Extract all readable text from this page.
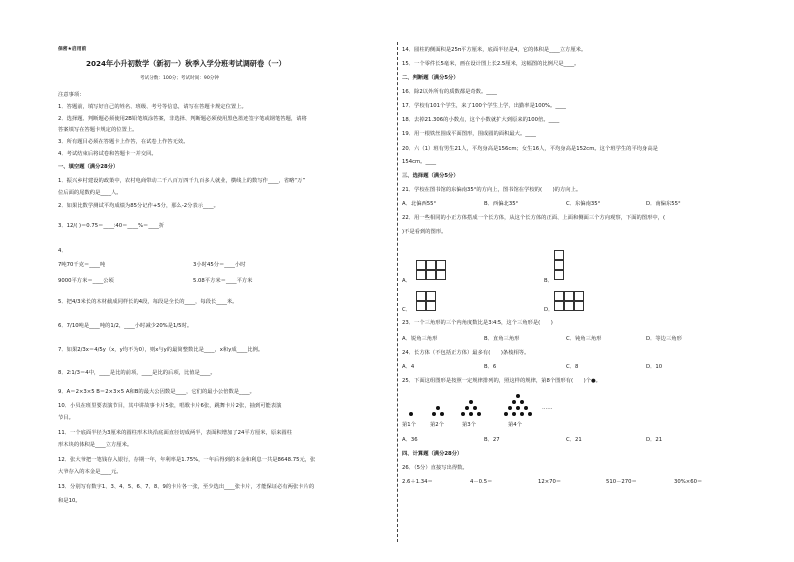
保密★启用前
2024年小升初数学（新初一）秋季入学分班考试调研卷（一）
考试分数：100分；考试时间：90分钟
注意事项：
1．答题前，填写好自己的姓名、班级、考号等信息，请写在答题卡规定位置上。
2．选择题、判断题必须使用2B铅笔填涂答案，非选择、判断题必须使用黑色墨迹签字笔或钢笔答题，请将
答案填写在答题卡规定的位置上。
3．所有题目必须在答题卡上作答，在试卷上作答无效。
4．考试结束后将试卷和答题卡一并交回。
一、填空题（满分28分）
1．振兴乡村建设的政策中，农村电商带动二千八百万四千九百多人就业，横线上的数写作____，省略“万”
位后面的尾数约是____人。
2．如果比数学测试平均成绩为85分记作+5分，那么-2分表示____。
3．12/( )＝0.75＝____∶40＝____%＝____折
4．
7吨70千克＝____吨	3小时45分＝____小时
9000平方米＝____公顷	5.08平方米＝____平方米
5．把4/3米长的木材截成同样长的4段，每段是全长的____，每段长____米。
6．7/10吨是____吨的1/2，____小时减少20%是1/5时。
7．如果2/3x＝4/5y（x，y均不为0），则x与y的最简整数比是____，x和y成____比例。
8．2∶1/3＝4中，____是比的前项，____是比的后项，比值是____。
9．A＝2×3×5 B＝2×3×5 A和B的最大公因数是____，它们的最小公倍数是____。
10．小贝在班里要表演节目，其中讲故事卡片5张，唱歌卡片6张，跳舞卡片2张，抽到可能表演
节目。
11．一个底面半径为3厘米的圆柱形木块沿底面直径切成两半，表面积增加了24平方厘米，原来圆柱
形木块的体积是____立方厘米。
12．张大爷把一笔钱存入银行，存期一年，年利率是1.75%，一年后得到的本金和利息一共是8648.75元，张
大爷存入的本金是____元。
13．分别写有数字1、3、4、5、6、7、8、9的卡片各一张，至少选出____张卡片，才能保证必有两张卡片的
和是10。
14．圆柱的侧面积是25π平方厘米，底面半径是4，它的体积是____立方厘米。
15．一个零件长5毫米，画在设计图上长2.5厘米，这幅图的比例尺是____。
二、判断题（满分5分）
16．除2以外所有的质数都是奇数。____
17．学校有101个学生，来了100个学生上学，出勤率是100%。____
18．去掉21.306的小数点，这个小数就扩大到原来的100倍。____
19．用一根铁丝围成平面图形，围成圆的面积最大。____
20．六（1）班有男生21人，平均身高是156cm；女生16人，平均身高是152cm。这个班学生的平均身高是
154cm。____
三、选择题（满分5分）
21．学校在图书馆的东偏南35°的方向上，图书馆在学校的(　　)的方向上。
A．北偏西55°	B．西偏北35°	C．东偏南35°	D．南偏东55°
22．用一些相同的小正方体搭成一个长方体，从这个长方体的正面、上面和侧面三个方向观察，下面的图形中，(
)不是看到的图形。
A．	B．
C．	D．
23．一个三角形的三个内角度数比是3∶4∶5，这个三角形是(　　)
A．锐角三角形	B．直角三角形	C．钝角三角形	D．等边三角形
24．长方体（不包括正方体）最多有(　　)条棱相等。
A．4	B．6	C．8	D．10
25．下面这组图形是按照一定规律排列的，照这样的规律，第8个图形有(　　)个●。
……
第1个	第2个	第3个	第4个
A．36	B．27	C．21	D．21
四、计算题（满分28分）
26．（5分）直接写出得数。
2.6＋1.34＝	4－0.5＝	12×70＝	510－270＝	30%×60＝
